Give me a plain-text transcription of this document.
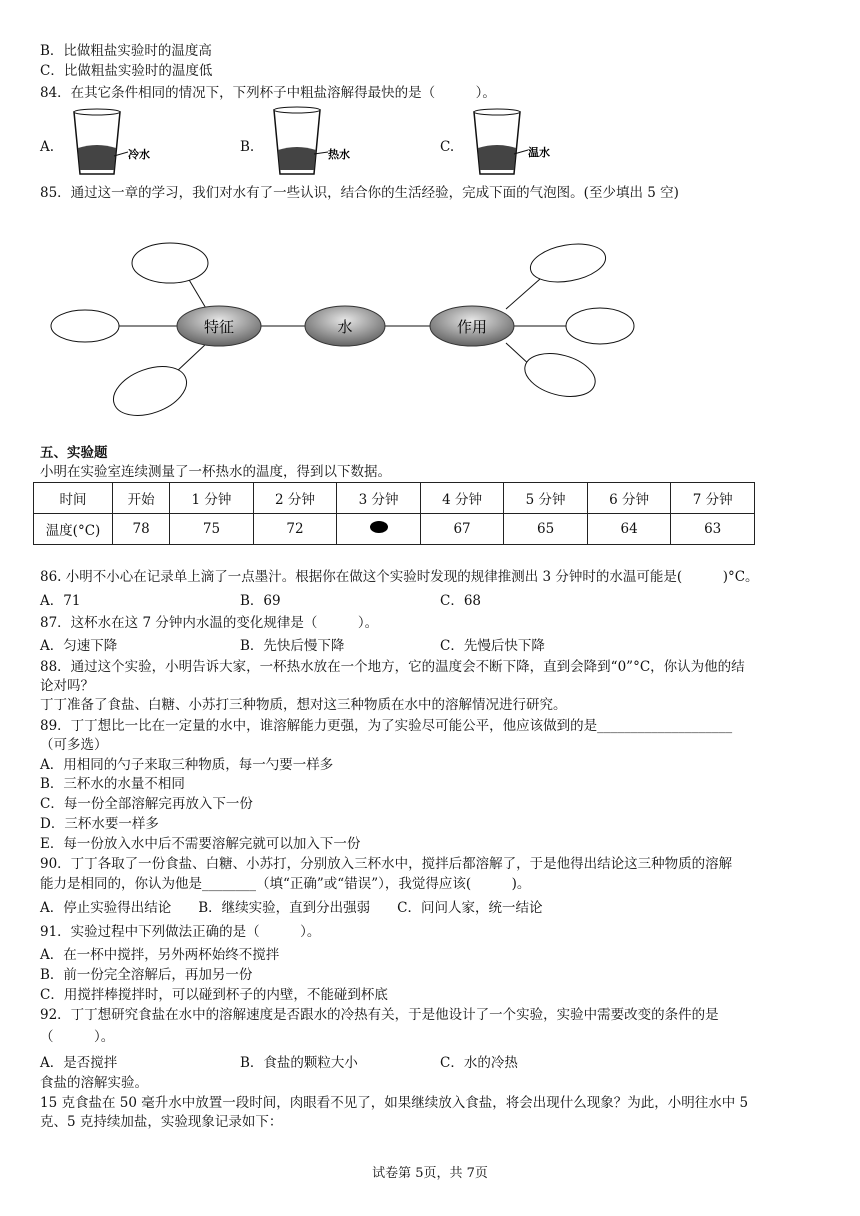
B．比做粗盐实验时的温度高
C．比做粗盐实验时的温度低
84．在其它条件相同的情况下，下列杯子中粗盐溶解得最快的是（　　　）。
A.	冷水	B.	热水	C.	温水
85．通过这一章的学习，我们对水有了一些认识，结合你的生活经验，完成下面的气泡图。(至少填出 5 空)
特征	水	作用
五、实验题
小明在实验室连续测量了一杯热水的温度，得到以下数据。
时间	开始	1 分钟	2 分钟	3 分钟	4 分钟	5 分钟	6 分钟	7 分钟
温度(°C)	78	75	72		67	65	64	63
86. 小明不小心在记录单上滴了一点墨汁。根据你在做这个实验时发现的规律推测出 3 分钟时的水温可能是(　　　)°C。
A．71	B．69	C．68
87．这杯水在这 7 分钟内水温的变化规律是（　　　）。
A．匀速下降	B．先快后慢下降	C．先慢后快下降
88．通过这个实验，小明告诉大家，一杯热水放在一个地方，它的温度会不断下降，直到会降到“0”°C，你认为他的结
论对吗？
丁丁准备了食盐、白糖、小苏打三种物质，想对这三种物质在水中的溶解情况进行研究。
89．丁丁想比一比在一定量的水中，谁溶解能力更强，为了实验尽可能公平，他应该做到的是____________________
（可多选）
A．用相同的勺子来取三种物质，每一勺要一样多
B．三杯水的水量不相同
C．每一份全部溶解完再放入下一份
D．三杯水要一样多
E．每一份放入水中后不需要溶解完就可以加入下一份
90．丁丁各取了一份食盐、白糖、小苏打，分别放入三杯水中，搅拌后都溶解了，于是他得出结论这三种物质的溶解
能力是相同的，你认为他是________（填“正确”或“错误”），我觉得应该(　　　)。
A．停止实验得出结论　　B．继续实验，直到分出强弱　　C．问问人家，统一结论
91．实验过程中下列做法正确的是（　　　）。
A．在一杯中搅拌，另外两杯始终不搅拌
B．前一份完全溶解后，再加另一份
C．用搅拌棒搅拌时，可以碰到杯子的内壁，不能碰到杯底
92．丁丁想研究食盐在水中的溶解速度是否跟水的冷热有关，于是他设计了一个实验，实验中需要改变的条件的是
（　　　）。
A．是否搅拌	B．食盐的颗粒大小	C．水的冷热
食盐的溶解实验。
15 克食盐在 50 毫升水中放置一段时间，肉眼看不见了，如果继续放入食盐，将会出现什么现象？为此，小明往水中 5
克、5 克持续加盐，实验现象记录如下：
试卷第 5页，共 7页
